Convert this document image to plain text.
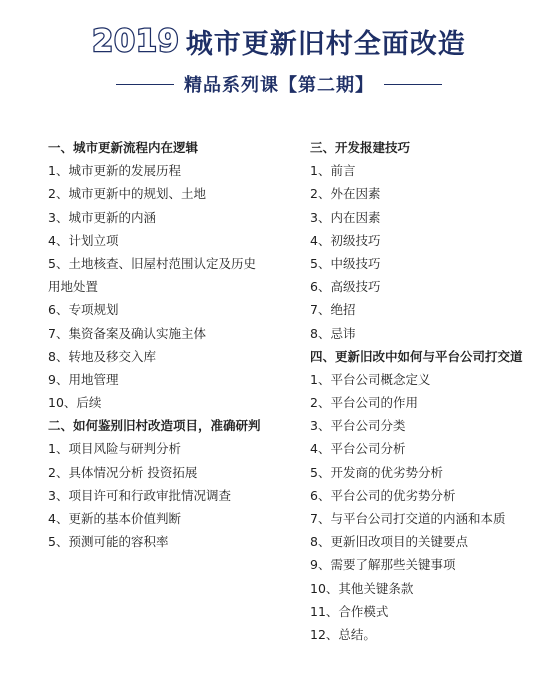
2019 城市更新旧村全面改造
精品系列课【第二期】
一、城市更新流程内在逻辑
1、城市更新的发展历程
2、城市更新中的规划、土地
3、城市更新的内涵
4、计划立项
5、土地核查、旧屋村范围认定及历史
用地处置
6、专项规划
7、集资备案及确认实施主体
8、转地及移交入库
9、用地管理
10、后续
二、如何鉴别旧村改造项目，准确研判
1、项目风险与研判分析
2、具体情况分析 投资拓展
3、项目许可和行政审批情况调查
4、更新的基本价值判断
5、预测可能的容积率
三、开发报建技巧
1、前言
2、外在因素
3、内在因素
4、初级技巧
5、中级技巧
6、高级技巧
7、绝招
8、忌讳
四、更新旧改中如何与平台公司打交道
1、平台公司概念定义
2、平台公司的作用
3、平台公司分类
4、平台公司分析
5、开发商的优劣势分析
6、平台公司的优劣势分析
7、与平台公司打交道的内涵和本质
8、更新旧改项目的关键要点
9、需要了解那些关键事项
10、其他关键条款
11、合作模式
12、总结。
